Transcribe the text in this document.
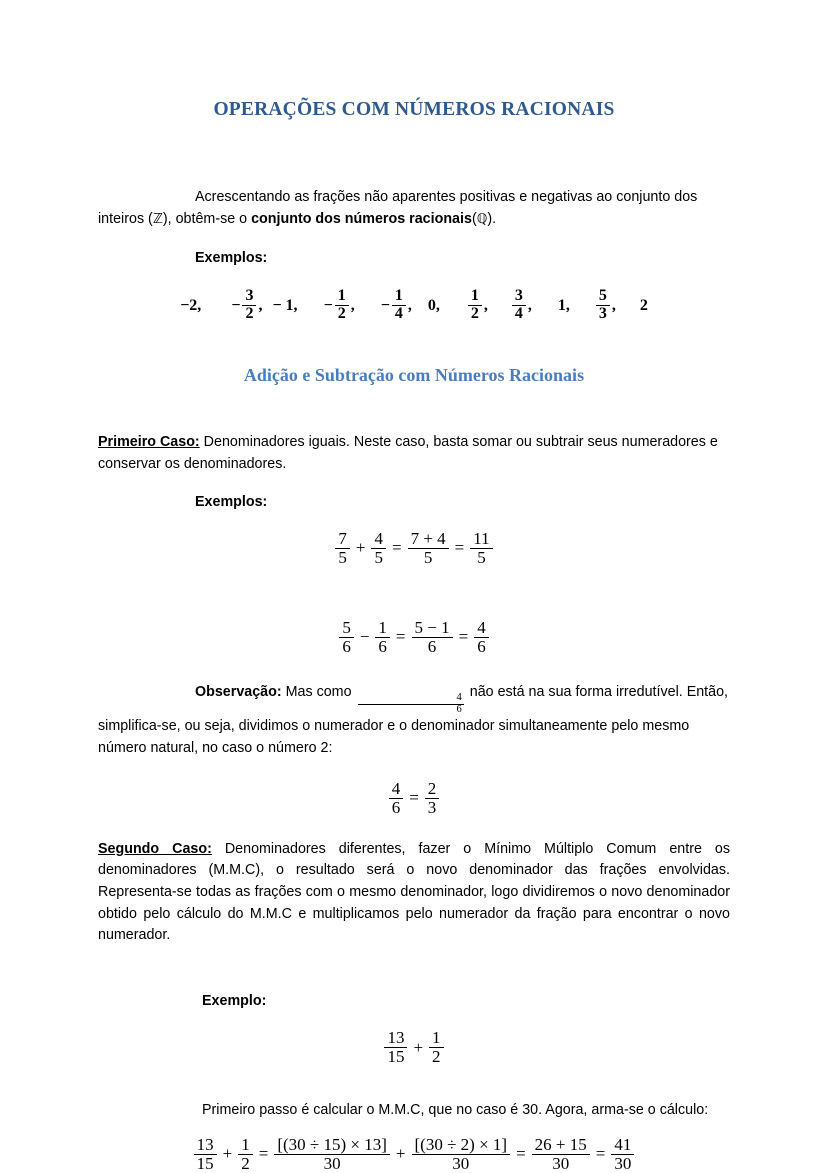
OPERAÇÕES COM NÚMEROS RACIONAIS

Acrescentando as frações não aparentes positivas e negativas ao conjunto dos inteiros (ℤ), obtêm-se o conjunto dos números racionais(ℚ).

Exemplos:

−2, − $\frac{3}{2}$ , − 1, − $\frac{1}{2}$ , − $\frac{1}{4}$ , 0, $\frac{1}{2}$ , $\frac{3}{4}$ , 1, $\frac{5}{3}$ , 2
Adição e Subtração com Números Racionais

Primeiro Caso: Denominadores iguais. Neste caso, basta somar ou subtrair seus numeradores e conservar os denominadores.

Exemplos:

$\frac{7}{5} + \frac{4}{5} = \frac{7 + 4}{5} = \frac{11}{5}$
$\frac{5}{6} - \frac{1}{6} = \frac{5 - 1}{6} = \frac{4}{6}$

Observação: Mas como
$\frac{4}{6}$
não está na sua forma irredutível. Então, simplifica-se, ou seja, dividimos o numerador e o denominador simultaneamente pelo mesmo número natural, no caso o número 2:

$\frac{4}{6} = \frac{2}{3}$

Segundo Caso: Denominadores diferentes, fazer o Mínimo Múltiplo Comum entre os denominadores (M.M.C), o resultado será o novo denominador das frações envolvidas. Representa-se todas as frações com o mesmo denominador, logo dividiremos o novo denominador obtido pelo cálculo do M.M.C e multiplicamos pelo numerador da fração para encontrar o novo numerador.

Exemplo:

$\frac{13}{15} + \frac{1}{2}$

Primeiro passo é calcular o M.M.C, que no caso é 30. Agora, arma-se o cálculo:

$\frac{13}{15} + \frac{1}{2} = \frac{[(30 \div 15) \times 13]}{30} + \frac{[(30 \div 2) \times 1]}{30} = \frac{26 + 15}{30} = \frac{41}{30}$
